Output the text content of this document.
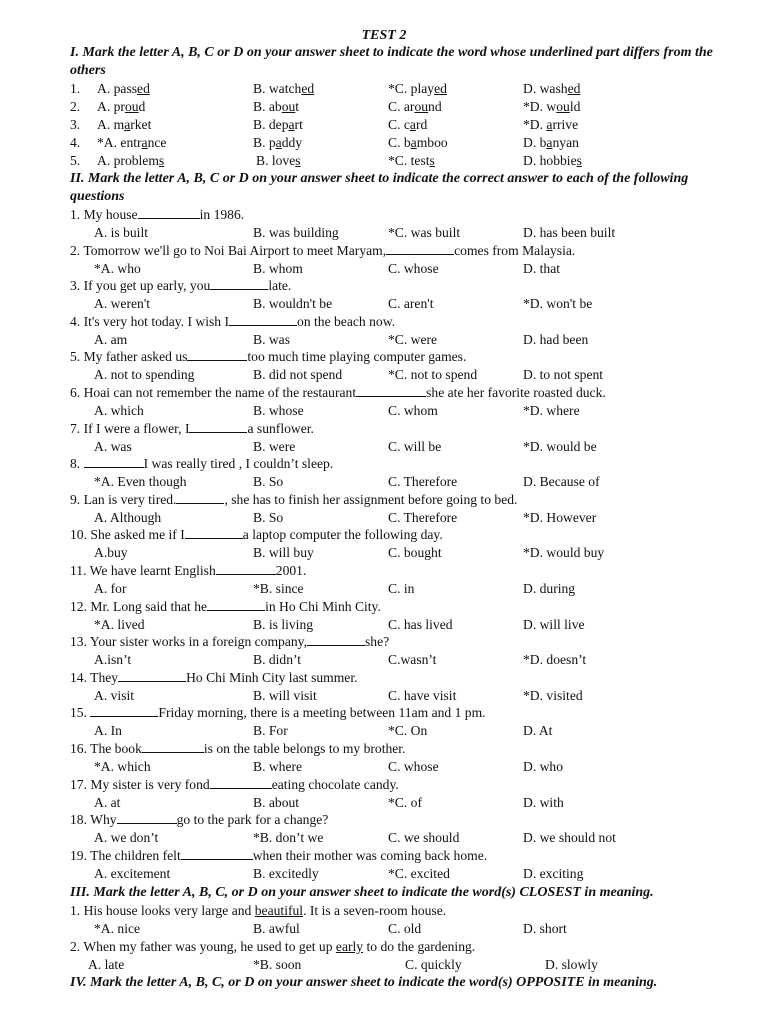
TEST 2
I. Mark the letter A, B, C or D on your answer sheet to indicate the word whose underlined part differs from the others
1. A. passed	B. watched	*C. played	D. washed
2. A. proud	B. about	C. around	*D. would
3. A. market	B. depart	C. card	*D. arrive
4. *A. entrance	B. paddy	C. bamboo	D. banyan
5. A. problems	B. loves	*C. tests	D. hobbies
II. Mark the letter A, B, C or D on your answer sheet to indicate the correct answer to each of the following questions
1. My house	in 1986.
A. is built	B. was building	*C. was built	D. has been built
2. Tomorrow we'll go to Noi Bai Airport to meet Maryam,	comes from Malaysia.
*A. who	B. whom	C. whose	D. that
3. If you get up early, you	late.
A. weren't	B. wouldn't be	C. aren't	*D. won't be
4. It's very hot today. I wish I	on the beach now.
A. am	B. was	*C. were	D. had been
5. My father asked us	too much time playing computer games.
A. not to spending	B. did not spend	*C. not to spend	D. to not spent
6. Hoai can not remember the name of the restaurant	she ate her favorite roasted duck.
A. which	B. whose	C. whom	*D. where
7. If I were a flower, I	a sunflower.
A. was	B. were	C. will be	*D. would be
8.	I was really tired , I couldn’t sleep.
*A. Even though	B. So	C. Therefore	D. Because of
9. Lan is very tired.	, she has to finish her assignment before going to bed.
A. Although	B. So	C. Therefore	*D. However
10. She asked me if I	a laptop computer the following day.
A.buy	B. will buy	C. bought	*D. would buy
11. We have learnt English	2001.
A. for	*B. since	C. in	D. during
12. Mr. Long said that he	in Ho Chi Minh City.
*A. lived	B. is living	C. has lived	D. will live
13. Your sister works in a foreign company,	she?
A.isn’t	B. didn’t	C.wasn’t	*D. doesn’t
14. They	Ho Chi Minh City last summer.
A. visit	B. will visit	C. have visit	*D. visited
15.	Friday morning, there is a meeting between 11am and 1 pm.
A. In	B. For	*C. On	D. At
16. The book	is on the table belongs to my brother.
*A. which	B. where	C. whose	D. who
17. My sister is very fond	eating chocolate candy.
A. at	B. about	*C. of	D. with
18. Why	go to the park for a change?
A. we don’t	*B. don’t we	C. we should	D. we should not
19. The children felt	when their mother was coming back home.
A. excitement	B. excitedly	*C. excited	D. exciting
III. Mark the letter A, B, C, or D on your answer sheet to indicate the word(s) CLOSEST in meaning.
1. His house looks very large and beautiful. It is a seven-room house.
*A. nice	B. awful	C. old	D. short
2. When my father was young, he used to get up early to do the gardening.
A. late	*B. soon	C. quickly	D. slowly
IV. Mark the letter A, B, C, or D on your answer sheet to indicate the word(s) OPPOSITE in meaning.
